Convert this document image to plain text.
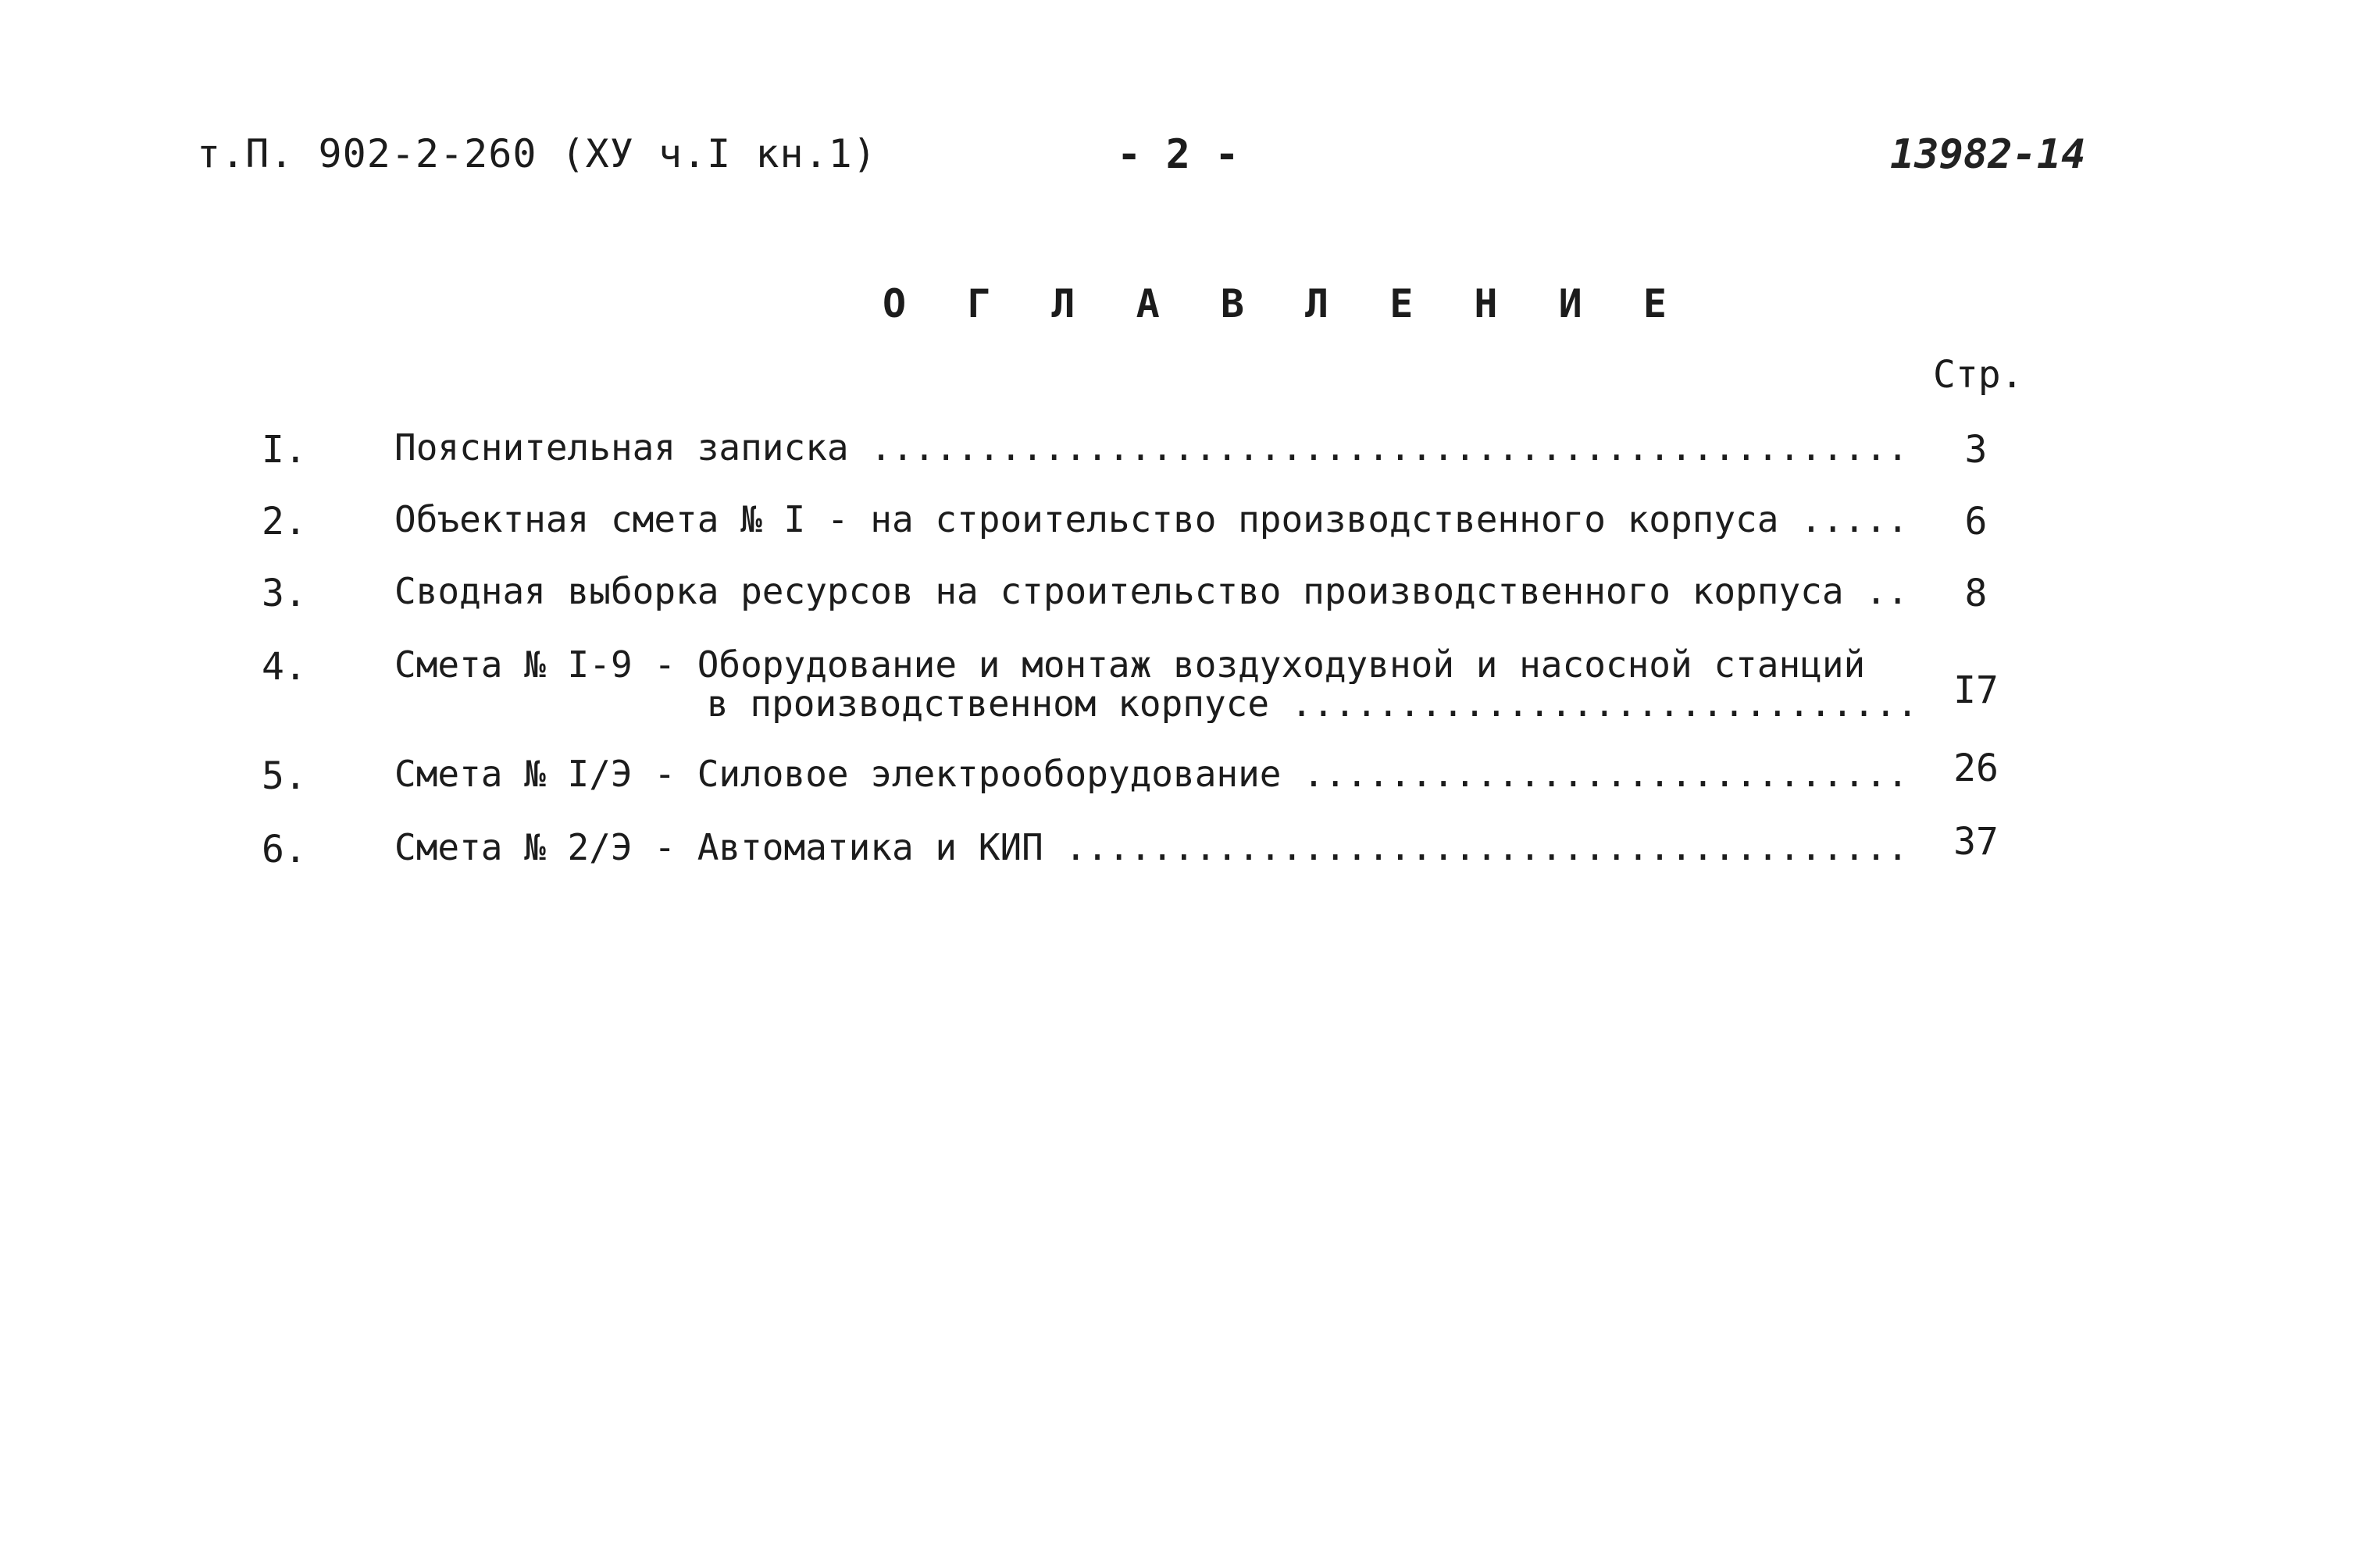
т.П. 902-2-260 (ХУ ч.I кн.1)	- 2 -	13982-14
О Г Л А В Л Е Н И Е
Стр.
I. Пояснительная записка .....	3
2. Объектная смета № I - на строительство производственного корпуса .....	6
3. Сводная выборка ресурсов на строительство производственного корпуса .....	8
4. Смета № I-9 - Оборудование и монтаж воздуходувной и насосной станций
в производственном корпусе .....	I7
5. Смета № I/Э - Силовое электрооборудование .....	26
6. Смета № 2/Э - Автоматика и КИП .....	37
